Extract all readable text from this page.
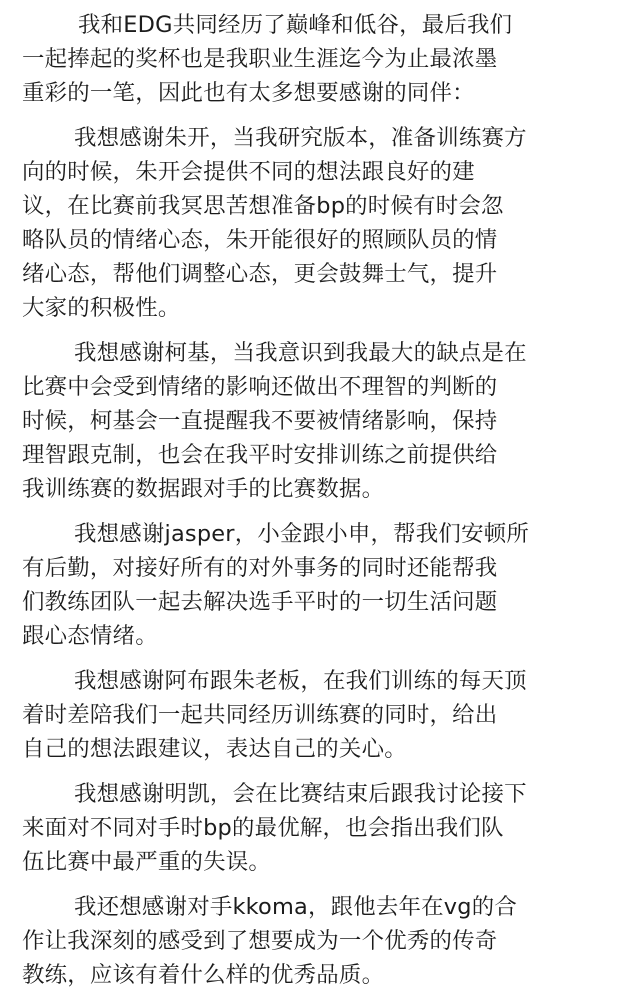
我和EDG共同经历了巅峰和低谷，最后我们
一起捧起的奖杯也是我职业生涯迄今为止最浓墨
重彩的一笔，因此也有太多想要感谢的同伴：
我想感谢朱开，当我研究版本，准备训练赛方
向的时候，朱开会提供不同的想法跟良好的建
议，在比赛前我冥思苦想准备bp的时候有时会忽
略队员的情绪心态，朱开能很好的照顾队员的情
绪心态，帮他们调整心态，更会鼓舞士气，提升
大家的积极性。
我想感谢柯基，当我意识到我最大的缺点是在
比赛中会受到情绪的影响还做出不理智的判断的
时候，柯基会一直提醒我不要被情绪影响，保持
理智跟克制，也会在我平时安排训练之前提供给
我训练赛的数据跟对手的比赛数据。
我想感谢jasper，小金跟小申，帮我们安顿所
有后勤，对接好所有的对外事务的同时还能帮我
们教练团队一起去解决选手平时的一切生活问题
跟心态情绪。
我想感谢阿布跟朱老板，在我们训练的每天顶
着时差陪我们一起共同经历训练赛的同时，给出
自己的想法跟建议，表达自己的关心。
我想感谢明凯，会在比赛结束后跟我讨论接下
来面对不同对手时bp的最优解，也会指出我们队
伍比赛中最严重的失误。
我还想感谢对手kkoma，跟他去年在vg的合
作让我深刻的感受到了想要成为一个优秀的传奇
教练，应该有着什么样的优秀品质。
